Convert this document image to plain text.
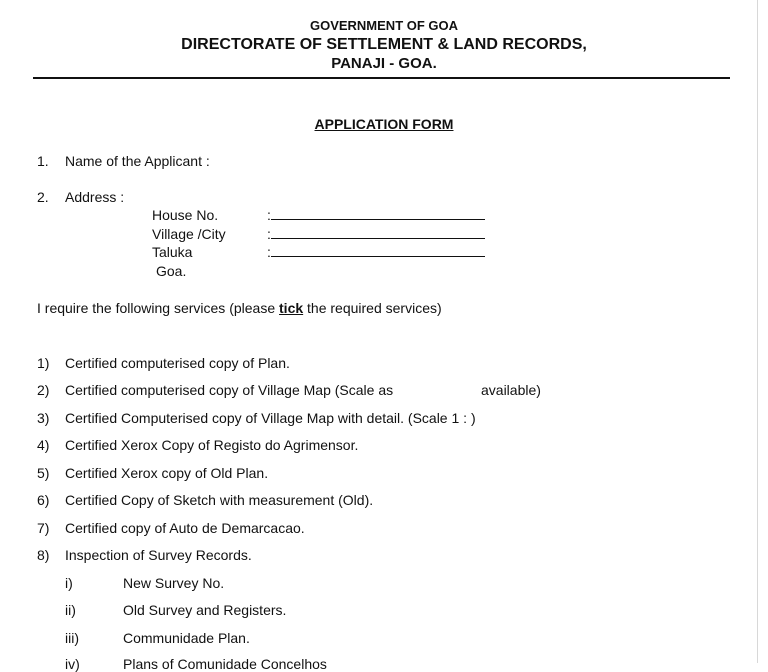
GOVERNMENT OF GOA
DIRECTORATE OF SETTLEMENT & LAND RECORDS,
PANAJI - GOA.
APPLICATION FORM
1. Name of the Applicant :
2. Address :
House No.	:
Village /City	:
Taluka	:
Goa.
I require the following services (please tick the required services)
1) Certified computerised copy of Plan.
2) Certified computerised copy of Village Map (Scale as	available)
3) Certified Computerised copy of Village Map with detail. (Scale 1 : )
4) Certified Xerox Copy of Registo do Agrimensor.
5) Certified Xerox copy of Old Plan.
6) Certified Copy of Sketch with measurement (Old).
7) Certified copy of Auto de Demarcacao.
8) Inspection of Survey Records.
i)	New Survey No.
ii)	Old Survey and Registers.
iii)	Communidade Plan.
iv)	Plans of Comunidade Concelhos
